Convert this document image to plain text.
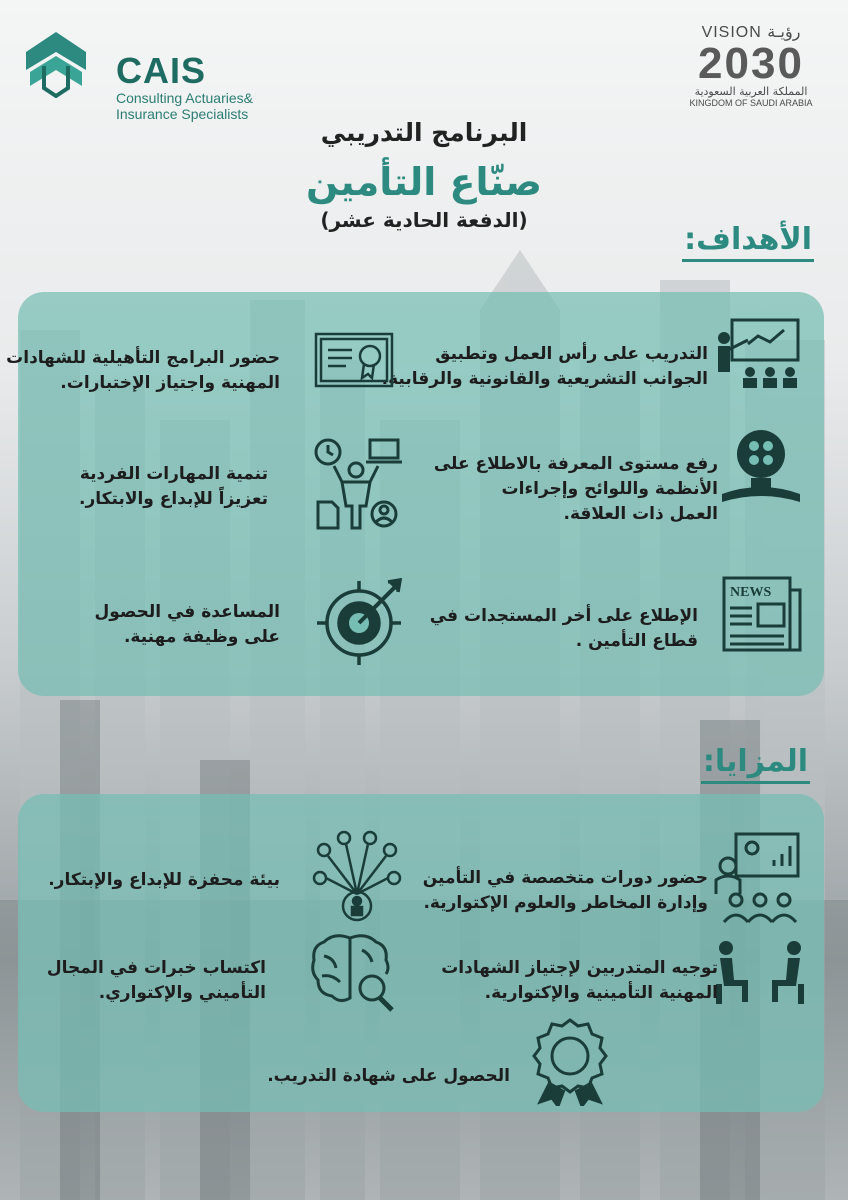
CAIS
Consulting Actuaries&
Insurance Specialists
VISION رؤيـة
2030
المملكة العربية السعودية
KINGDOM OF SAUDI ARABIA
البرنامج التدريبي
صنّاع التأمين
(الدفعة الحادية عشر)
الأهداف:
التدريب على رأس العمل وتطبيق
الجوانب التشريعية والقانونية والرقابية.
حضور البرامج التأهيلية للشهادات
المهنية واجتياز الإختبارات.
رفع مستوى المعرفة بالاطلاع على
الأنظمة واللوائح وإجراءات
العمل ذات العلاقة.
تنمية المهارات الفردية
تعزيزاً للإبداع والابتكار.
NEWS
الإطلاع على أخر المستجدات في
قطاع التأمين .
المساعدة في الحصول
على وظيفة مهنية.
المزايا:
حضور دورات متخصصة في التأمين
وإدارة المخاطر والعلوم الإكتوارية.
بيئة محفزة للإبداع والإبتكار.
توجيه المتدربين لإجتياز الشهادات
المهنية التأمينية والإكتوارية.
اكتساب خبرات في المجال
التأميني والإكتواري.
الحصول على شهادة التدريب.
